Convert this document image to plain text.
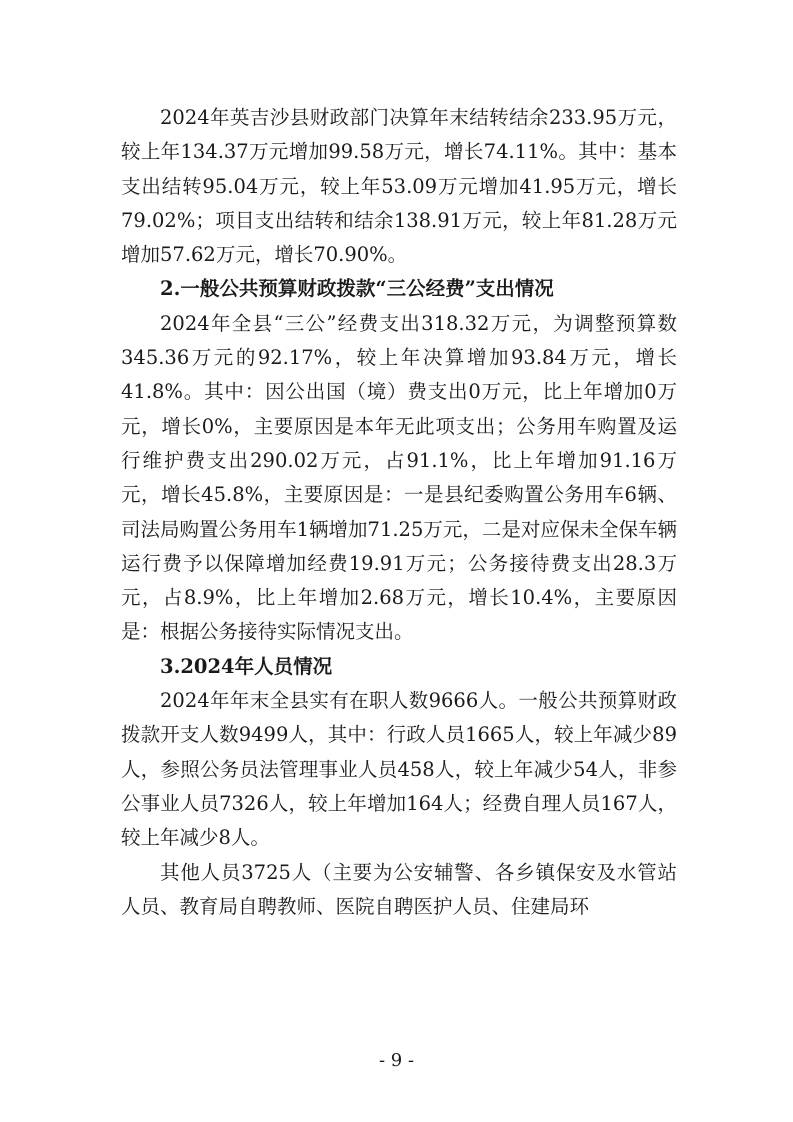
2024年英吉沙县财政部门决算年末结转结余233.95万元，较上年134.37万元增加99.58万元，增长74.11%。其中：基本支出结转95.04万元，较上年53.09万元增加41.95万元，增长79.02%；项目支出结转和结余138.91万元，较上年81.28万元增加57.62万元，增长70.90%。

2.一般公共预算财政拨款“三公经费”支出情况

2024年全县“三公”经费支出318.32万元，为调整预算数345.36万元的92.17%，较上年决算增加93.84万元，增长41.8%。其中：因公出国（境）费支出0万元，比上年增加0万元，增长0%，主要原因是本年无此项支出；公务用车购置及运行维护费支出290.02万元，占91.1%，比上年增加91.16万元，增长45.8%，主要原因是：一是县纪委购置公务用车6辆、司法局购置公务用车1辆增加71.25万元，二是对应保未全保车辆运行费予以保障增加经费19.91万元；公务接待费支出28.3万元，占8.9%，比上年增加2.68万元，增长10.4%，主要原因是：根据公务接待实际情况支出。

3.2024年人员情况

2024年年末全县实有在职人数9666人。一般公共预算财政拨款开支人数9499人，其中：行政人员1665人，较上年减少89人，参照公务员法管理事业人员458人，较上年减少54人，非参公事业人员7326人，较上年增加164人；经费自理人员167人，较上年减少8人。

其他人员3725人（主要为公安辅警、各乡镇保安及水管站人员、教育局自聘教师、医院自聘医护人员、住建局环

- 9 -
